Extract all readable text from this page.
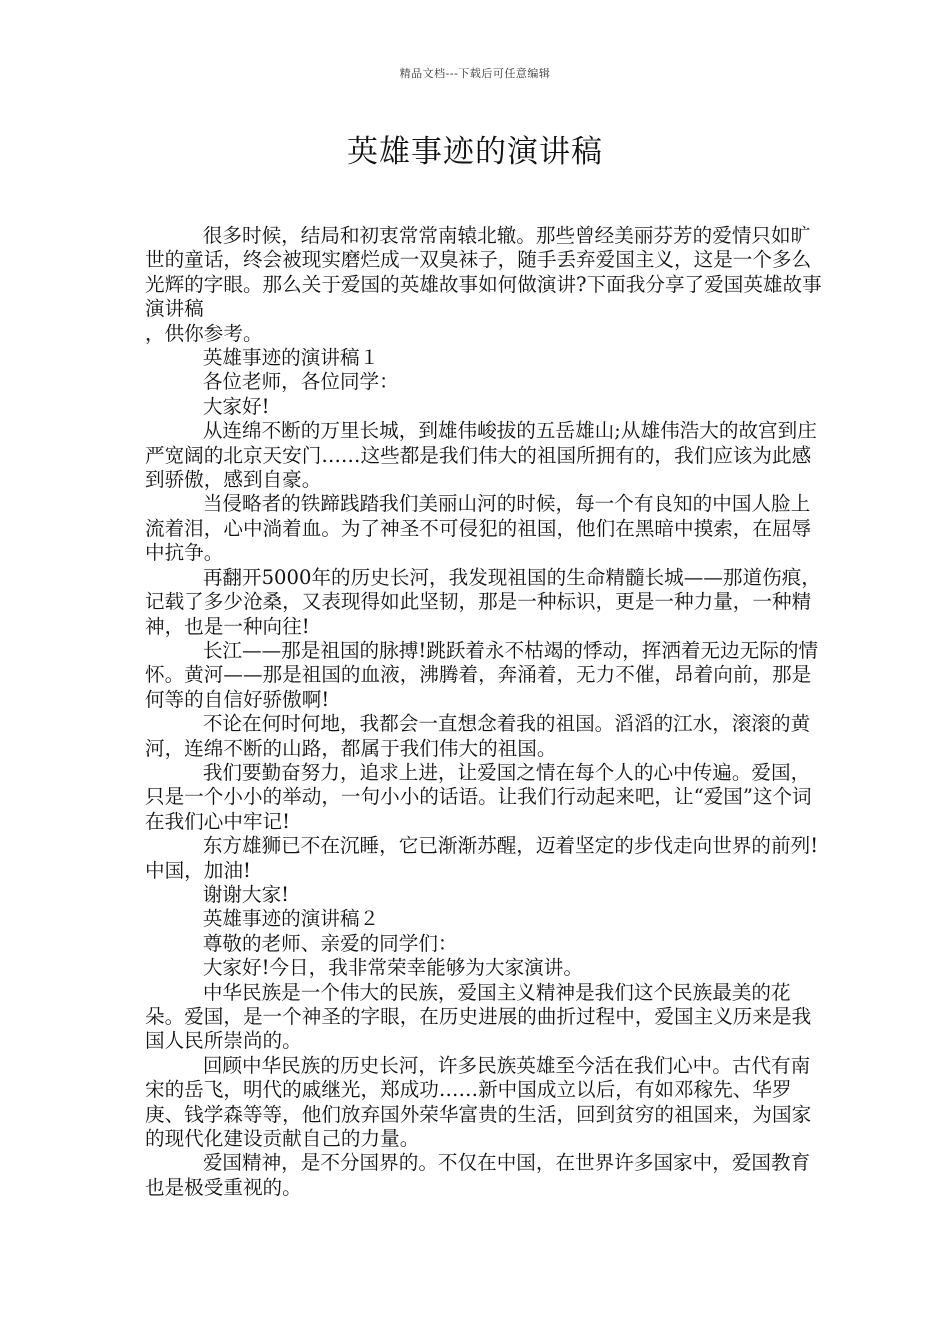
精品文档---下载后可任意编辑
英雄事迹的演讲稿

很多时候，结局和初衷常常南辕北辙。那些曾经美丽芬芳的爱情只如旷世的童话，终会被现实磨烂成一双臭袜子，随手丢弃爱国主义，这是一个多么光辉的字眼。那么关于爱国的英雄故事如何做演讲?下面我分享了爱国英雄故事演讲稿

，供你参考。

英雄事迹的演讲稿１

各位老师，各位同学：

大家好!

从连绵不断的万里长城，到雄伟峻拔的五岳雄山;从雄伟浩大的故宫到庄严宽阔的北京天安门……这些都是我们伟大的祖国所拥有的，我们应该为此感到骄傲，感到自豪。

当侵略者的铁蹄践踏我们美丽山河的时候，每一个有良知的中国人脸上流着泪，心中淌着血。为了神圣不可侵犯的祖国，他们在黑暗中摸索，在屈辱中抗争。

再翻开5000年的历史长河，我发现祖国的生命精髓长城——那道伤痕，记载了多少沧桑，又表现得如此坚韧，那是一种标识，更是一种力量，一种精神，也是一种向往!

长江——那是祖国的脉搏!跳跃着永不枯竭的悸动，挥洒着无边无际的情怀。黄河——那是祖国的血液，沸腾着，奔涌着，无力不催，昂着向前，那是何等的自信好骄傲啊!

不论在何时何地，我都会一直想念着我的祖国。滔滔的江水，滚滚的黄河，连绵不断的山路，都属于我们伟大的祖国。

我们要勤奋努力，追求上进，让爱国之情在每个人的心中传遍。爱国，只是一个小小的举动，一句小小的话语。让我们行动起来吧，让“爱国”这个词在我们心中牢记!

东方雄狮已不在沉睡，它已渐渐苏醒，迈着坚定的步伐走向世界的前列!中国，加油!

谢谢大家!

英雄事迹的演讲稿２

尊敬的老师、亲爱的同学们：

大家好!今日，我非常荣幸能够为大家演讲。

中华民族是一个伟大的民族，爱国主义精神是我们这个民族最美的花朵。爱国，是一个神圣的字眼，在历史进展的曲折过程中，爱国主义历来是我国人民所崇尚的。

回顾中华民族的历史长河，许多民族英雄至今活在我们心中。古代有南宋的岳飞，明代的戚继光，郑成功……新中国成立以后，有如邓稼先、华罗庚、钱学森等等，他们放弃国外荣华富贵的生活，回到贫穷的祖国来，为国家的现代化建设贡献自己的力量。

爱国精神，是不分国界的。不仅在中国，在世界许多国家中，爱国教育也是极受重视的。
